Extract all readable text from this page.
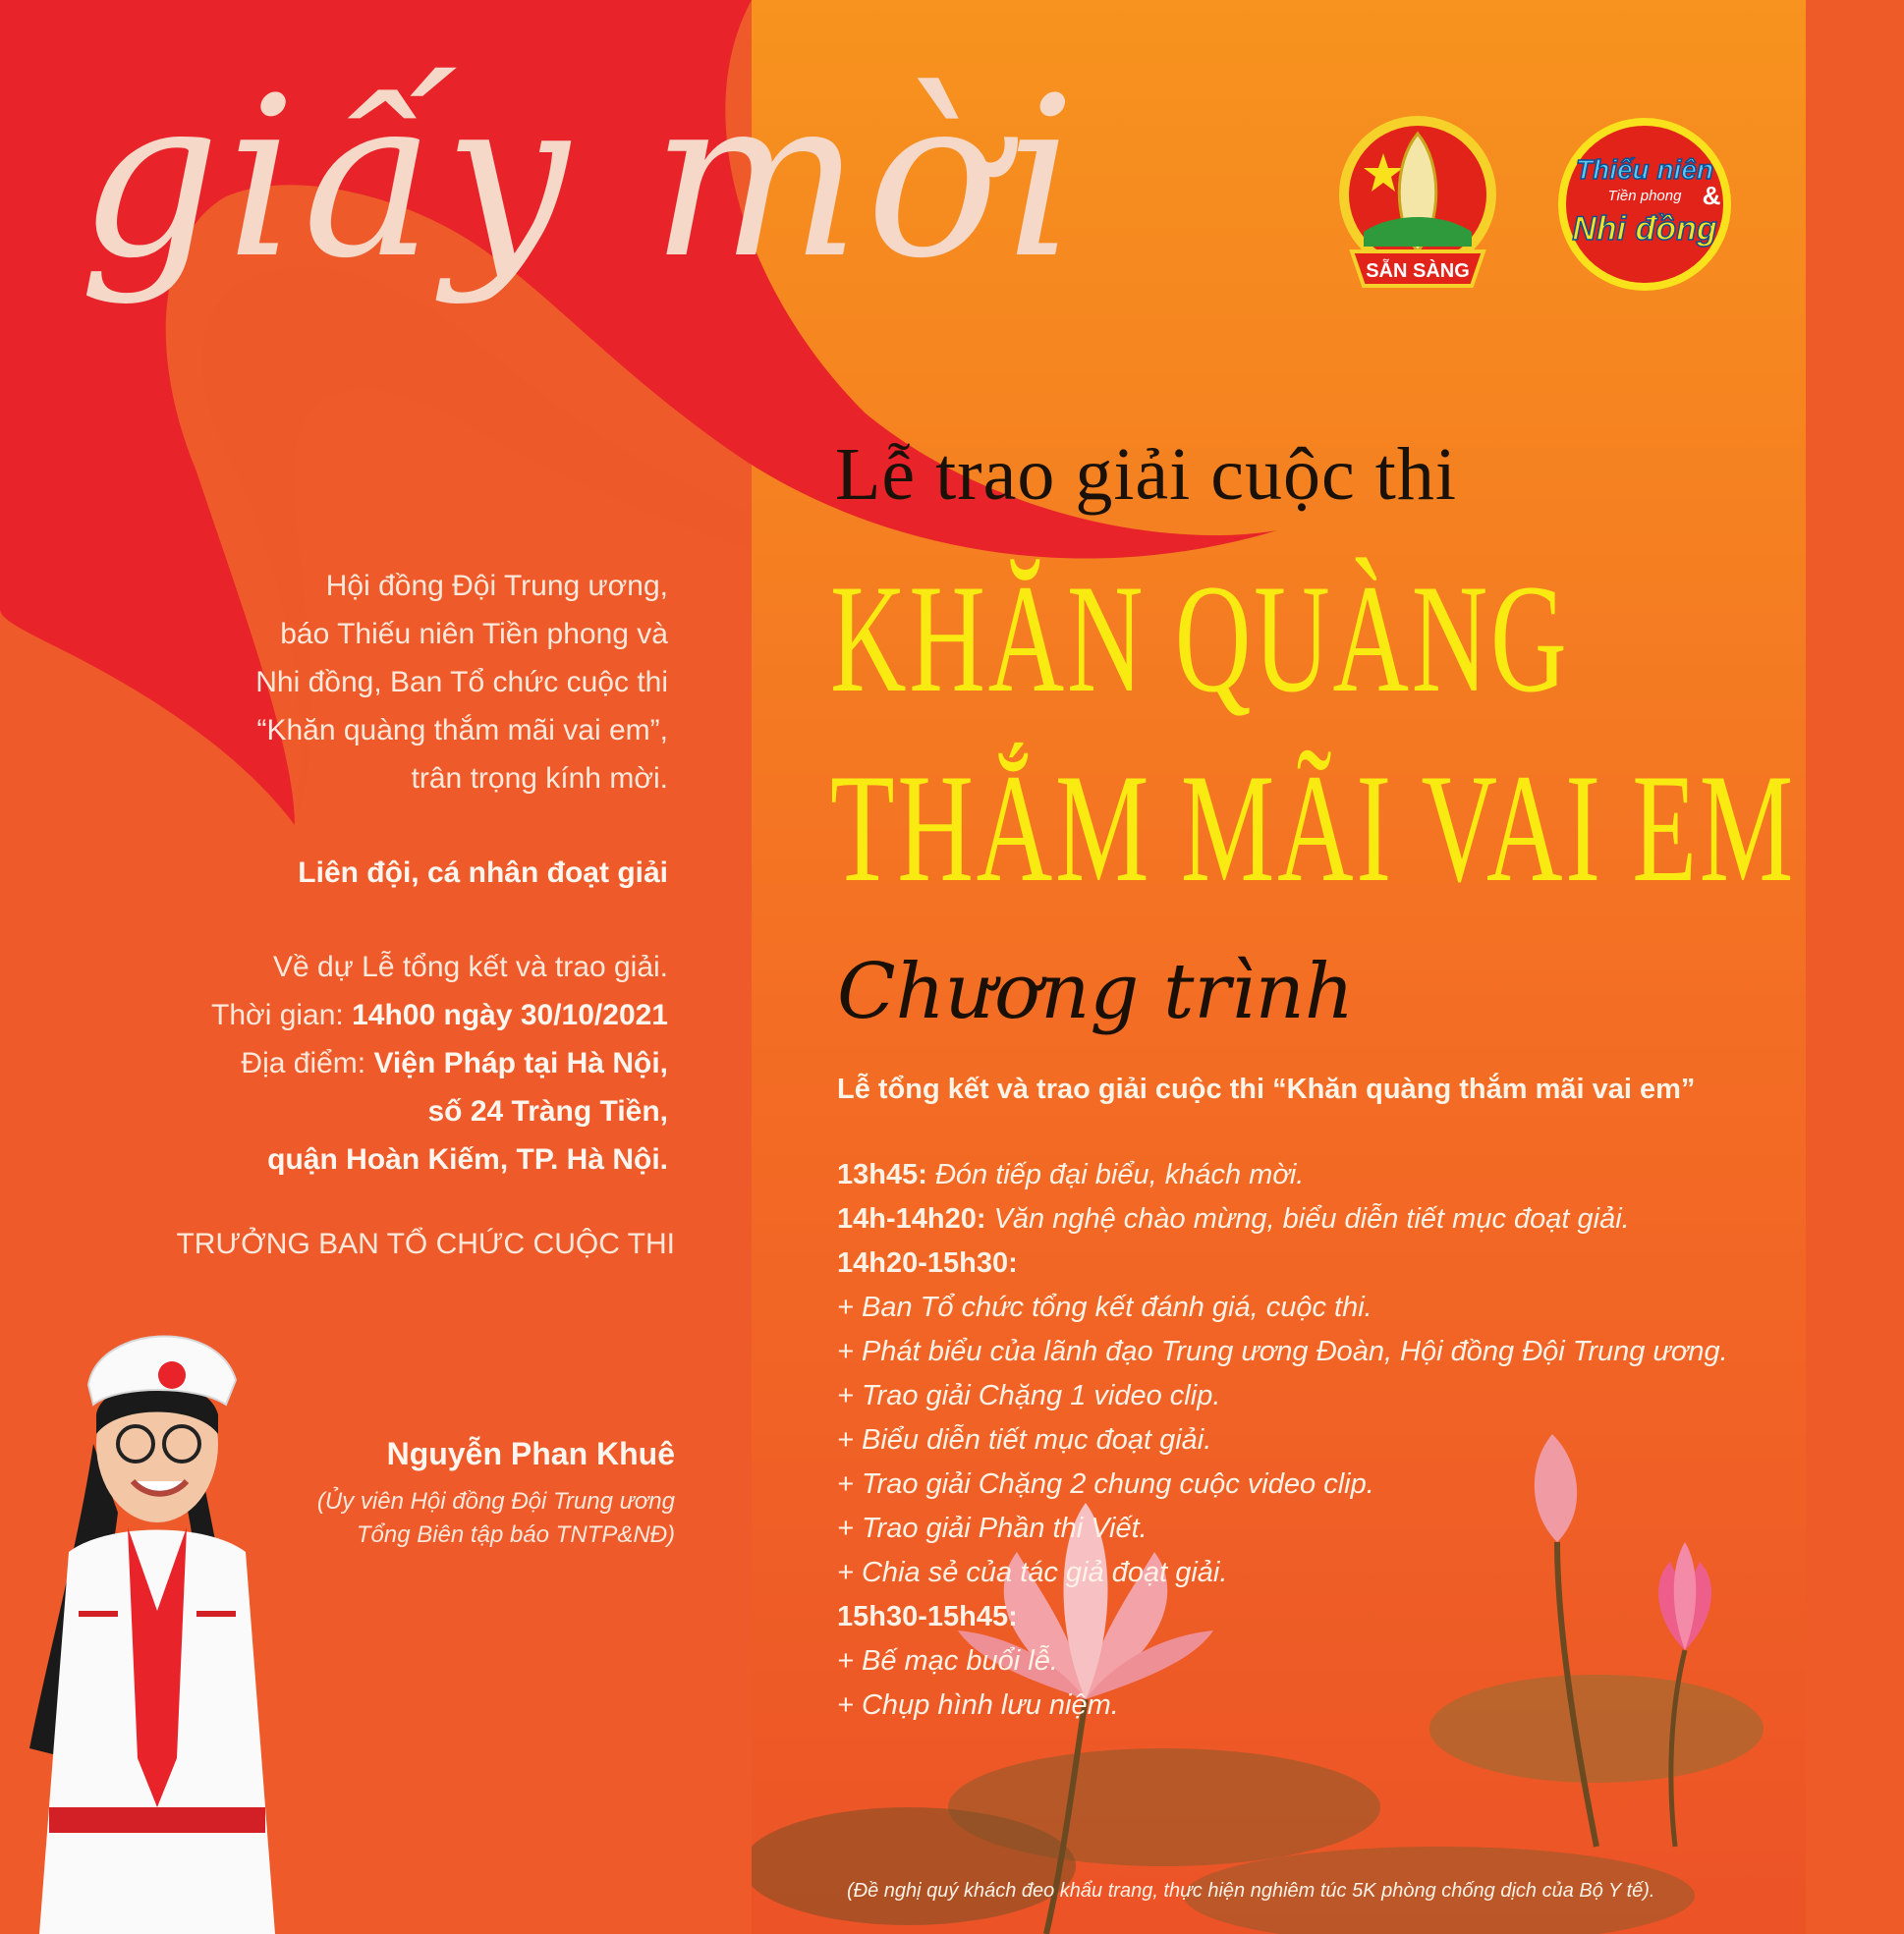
giấy mời	SẴN SÀNG
Thiếu niên
Tiền phong &
Nhi đồng

Hội đồng Đội Trung ương,

báo Thiếu niên Tiền phong và

Nhi đồng, Ban Tổ chức cuộc thi

“Khăn quàng thắm mãi vai em”,

trân trọng kính mời.

Liên đội, cá nhân đoạt giải

Về dự Lễ tổng kết và trao giải.

Thời gian: 14h00 ngày 30/10/2021

Địa điểm: Viện Pháp tại Hà Nội,

số 24 Tràng Tiền,

quận Hoàn Kiếm, TP. Hà Nội.

TRƯỞNG BAN TỔ CHỨC CUỘC THI
Nguyễn Phan Khuê
(Ủy viên Hội đồng Đội Trung ương
Tổng Biên tập báo TNTP&NĐ)
Lễ trao giải cuộc thi
KHĂN QUÀNG
THẮM MÃI VAI EM
Chương trình
Lễ tổng kết và trao giải cuộc thi “Khăn quàng thắm mãi vai em”
13h45: Đón tiếp đại biểu, khách mời.
14h-14h20: Văn nghệ chào mừng, biểu diễn tiết mục đoạt giải.
14h20-15h30:
+ Ban Tổ chức tổng kết đánh giá, cuộc thi.
+ Phát biểu của lãnh đạo Trung ương Đoàn, Hội đồng Đội Trung ương.
+ Trao giải Chặng 1 video clip.
+ Biểu diễn tiết mục đoạt giải.
+ Trao giải Chặng 2 chung cuộc video clip.
+ Trao giải Phần thi Viết.
+ Chia sẻ của tác giả đoạt giải.
15h30-15h45:
+ Bế mạc buổi lễ.
+ Chụp hình lưu niệm.
(Đề nghị quý khách đeo khẩu trang, thực hiện nghiêm túc 5K phòng chống dịch của Bộ Y tế).
